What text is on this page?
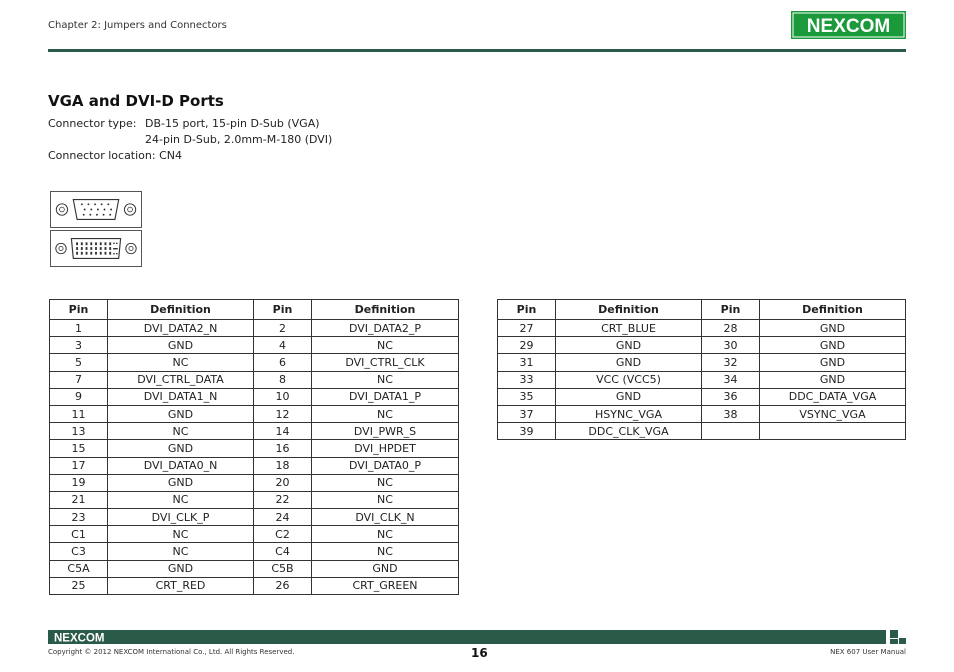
Chapter 2: Jumpers and Connectors	NEXCOM
VGA and DVI-D Ports
Connector type: DB-15 port, 15-pin D-Sub (VGA)
24-pin D-Sub, 2.0mm-M-180 (DVI)
Connector location: CN4
Pin	Definition	Pin	Definition
1	DVI_DATA2_N	2	DVI_DATA2_P
3	GND	4	NC
5	NC	6	DVI_CTRL_CLK
7	DVI_CTRL_DATA	8	NC
9	DVI_DATA1_N	10	DVI_DATA1_P
11	GND	12	NC
13	NC	14	DVI_PWR_S
15	GND	16	DVI_HPDET
17	DVI_DATA0_N	18	DVI_DATA0_P
19	GND	20	NC
21	NC	22	NC
23	DVI_CLK_P	24	DVI_CLK_N
C1	NC	C2	NC
C3	NC	C4	NC
C5A	GND	C5B	GND
25	CRT_RED	26	CRT_GREEN
Pin	Definition	Pin	Definition
27	CRT_BLUE	28	GND
29	GND	30	GND
31	GND	32	GND
33	VCC (VCC5)	34	GND
35	GND	36	DDC_DATA_VGA
37	HSYNC_VGA	38	VSYNC_VGA
39	DDC_CLK_VGA		
NEXCOM
Copyright © 2012 NEXCOM International Co., Ltd. All Rights Reserved.	16	NEX 607 User Manual
